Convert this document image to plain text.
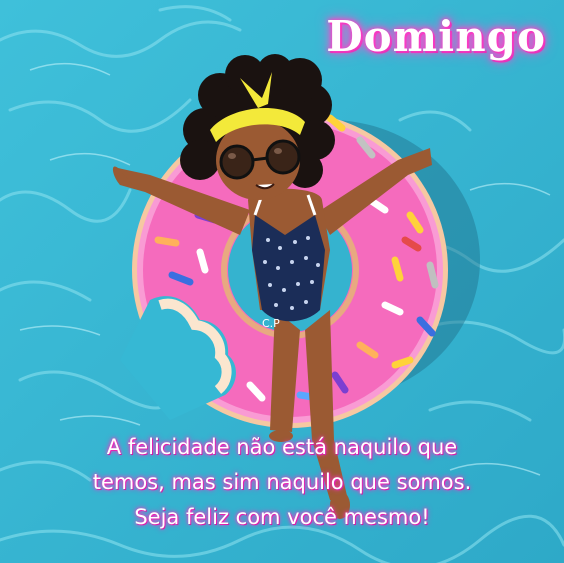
Domingo
C.P
A felicidade não está naquilo que
temos, mas sim naquilo que somos.
Seja feliz com você mesmo!
